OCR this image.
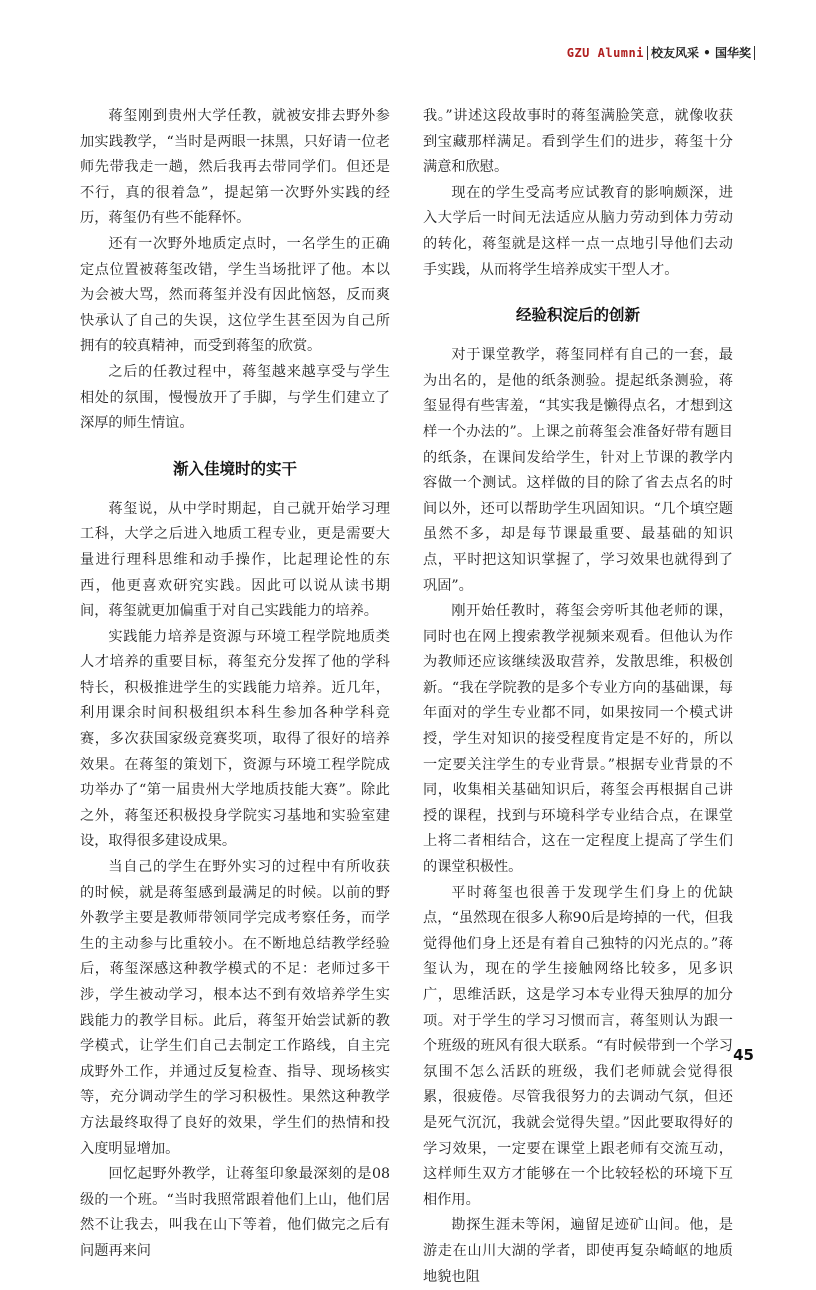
GZU Alumni 校友风采 • 国华奖

蒋玺刚到贵州大学任教，就被安排去野外参加实践教学，“当时是两眼一抹黑，只好请一位老师先带我走一趟，然后我再去带同学们。但还是不行，真的很着急”，提起第一次野外实践的经历，蒋玺仍有些不能释怀。

还有一次野外地质定点时，一名学生的正确定点位置被蒋玺改错，学生当场批评了他。本以为会被大骂，然而蒋玺并没有因此恼怒，反而爽快承认了自己的失误，这位学生甚至因为自己所拥有的较真精神，而受到蒋玺的欣赏。

之后的任教过程中，蒋玺越来越享受与学生相处的氛围，慢慢放开了手脚，与学生们建立了深厚的师生情谊。

渐入佳境时的实干

蒋玺说，从中学时期起，自己就开始学习理工科，大学之后进入地质工程专业，更是需要大量进行理科思维和动手操作，比起理论性的东西，他更喜欢研究实践。因此可以说从读书期间，蒋玺就更加偏重于对自己实践能力的培养。

实践能力培养是资源与环境工程学院地质类人才培养的重要目标，蒋玺充分发挥了他的学科特长，积极推进学生的实践能力培养。近几年，利用课余时间积极组织本科生参加各种学科竞赛，多次获国家级竞赛奖项，取得了很好的培养效果。在蒋玺的策划下，资源与环境工程学院成功举办了“第一届贵州大学地质技能大赛”。除此之外，蒋玺还积极投身学院实习基地和实验室建设，取得很多建设成果。

当自己的学生在野外实习的过程中有所收获的时候，就是蒋玺感到最满足的时候。以前的野外教学主要是教师带领同学完成考察任务，而学生的主动参与比重较小。在不断地总结教学经验后，蒋玺深感这种教学模式的不足：老师过多干涉，学生被动学习，根本达不到有效培养学生实践能力的教学目标。此后，蒋玺开始尝试新的教学模式，让学生们自己去制定工作路线，自主完成野外工作，并通过反复检查、指导、现场核实等，充分调动学生的学习积极性。果然这种教学方法最终取得了良好的效果，学生们的热情和投入度明显增加。

回忆起野外教学，让蒋玺印象最深刻的是08级的一个班。“当时我照常跟着他们上山，他们居然不让我去，叫我在山下等着，他们做完之后有问题再来问

我。”讲述这段故事时的蒋玺满脸笑意，就像收获到宝藏那样满足。看到学生们的进步，蒋玺十分满意和欣慰。

现在的学生受高考应试教育的影响颇深，进入大学后一时间无法适应从脑力劳动到体力劳动的转化，蒋玺就是这样一点一点地引导他们去动手实践，从而将学生培养成实干型人才。

经验积淀后的创新

对于课堂教学，蒋玺同样有自己的一套，最为出名的，是他的纸条测验。提起纸条测验，蒋玺显得有些害羞，“其实我是懒得点名，才想到这样一个办法的”。上课之前蒋玺会准备好带有题目的纸条，在课间发给学生，针对上节课的教学内容做一个测试。这样做的目的除了省去点名的时间以外，还可以帮助学生巩固知识。“几个填空题虽然不多，却是每节课最重要、最基础的知识点，平时把这知识掌握了，学习效果也就得到了巩固”。

刚开始任教时，蒋玺会旁听其他老师的课，同时也在网上搜索教学视频来观看。但他认为作为教师还应该继续汲取营养，发散思维，积极创新。“我在学院教的是多个专业方向的基础课，每年面对的学生专业都不同，如果按同一个模式讲授，学生对知识的接受程度肯定是不好的，所以一定要关注学生的专业背景。”根据专业背景的不同，收集相关基础知识后，蒋玺会再根据自己讲授的课程，找到与环境科学专业结合点，在课堂上将二者相结合，这在一定程度上提高了学生们的课堂积极性。

平时蒋玺也很善于发现学生们身上的优缺点，“虽然现在很多人称90后是垮掉的一代，但我觉得他们身上还是有着自己独特的闪光点的。”蒋玺认为，现在的学生接触网络比较多，见多识广，思维活跃，这是学习本专业得天独厚的加分项。对于学生的学习习惯而言，蒋玺则认为跟一个班级的班风有很大联系。“有时候带到一个学习氛围不怎么活跃的班级，我们老师就会觉得很累，很疲倦。尽管我很努力的去调动气氛，但还是死气沉沉，我就会觉得失望。”因此要取得好的学习效果，一定要在课堂上跟老师有交流互动，这样师生双方才能够在一个比较轻松的环境下互相作用。

勘探生涯未等闲，遍留足迹矿山间。他，是游走在山川大湖的学者，即使再复杂崎岖的地质地貌也阻

45
